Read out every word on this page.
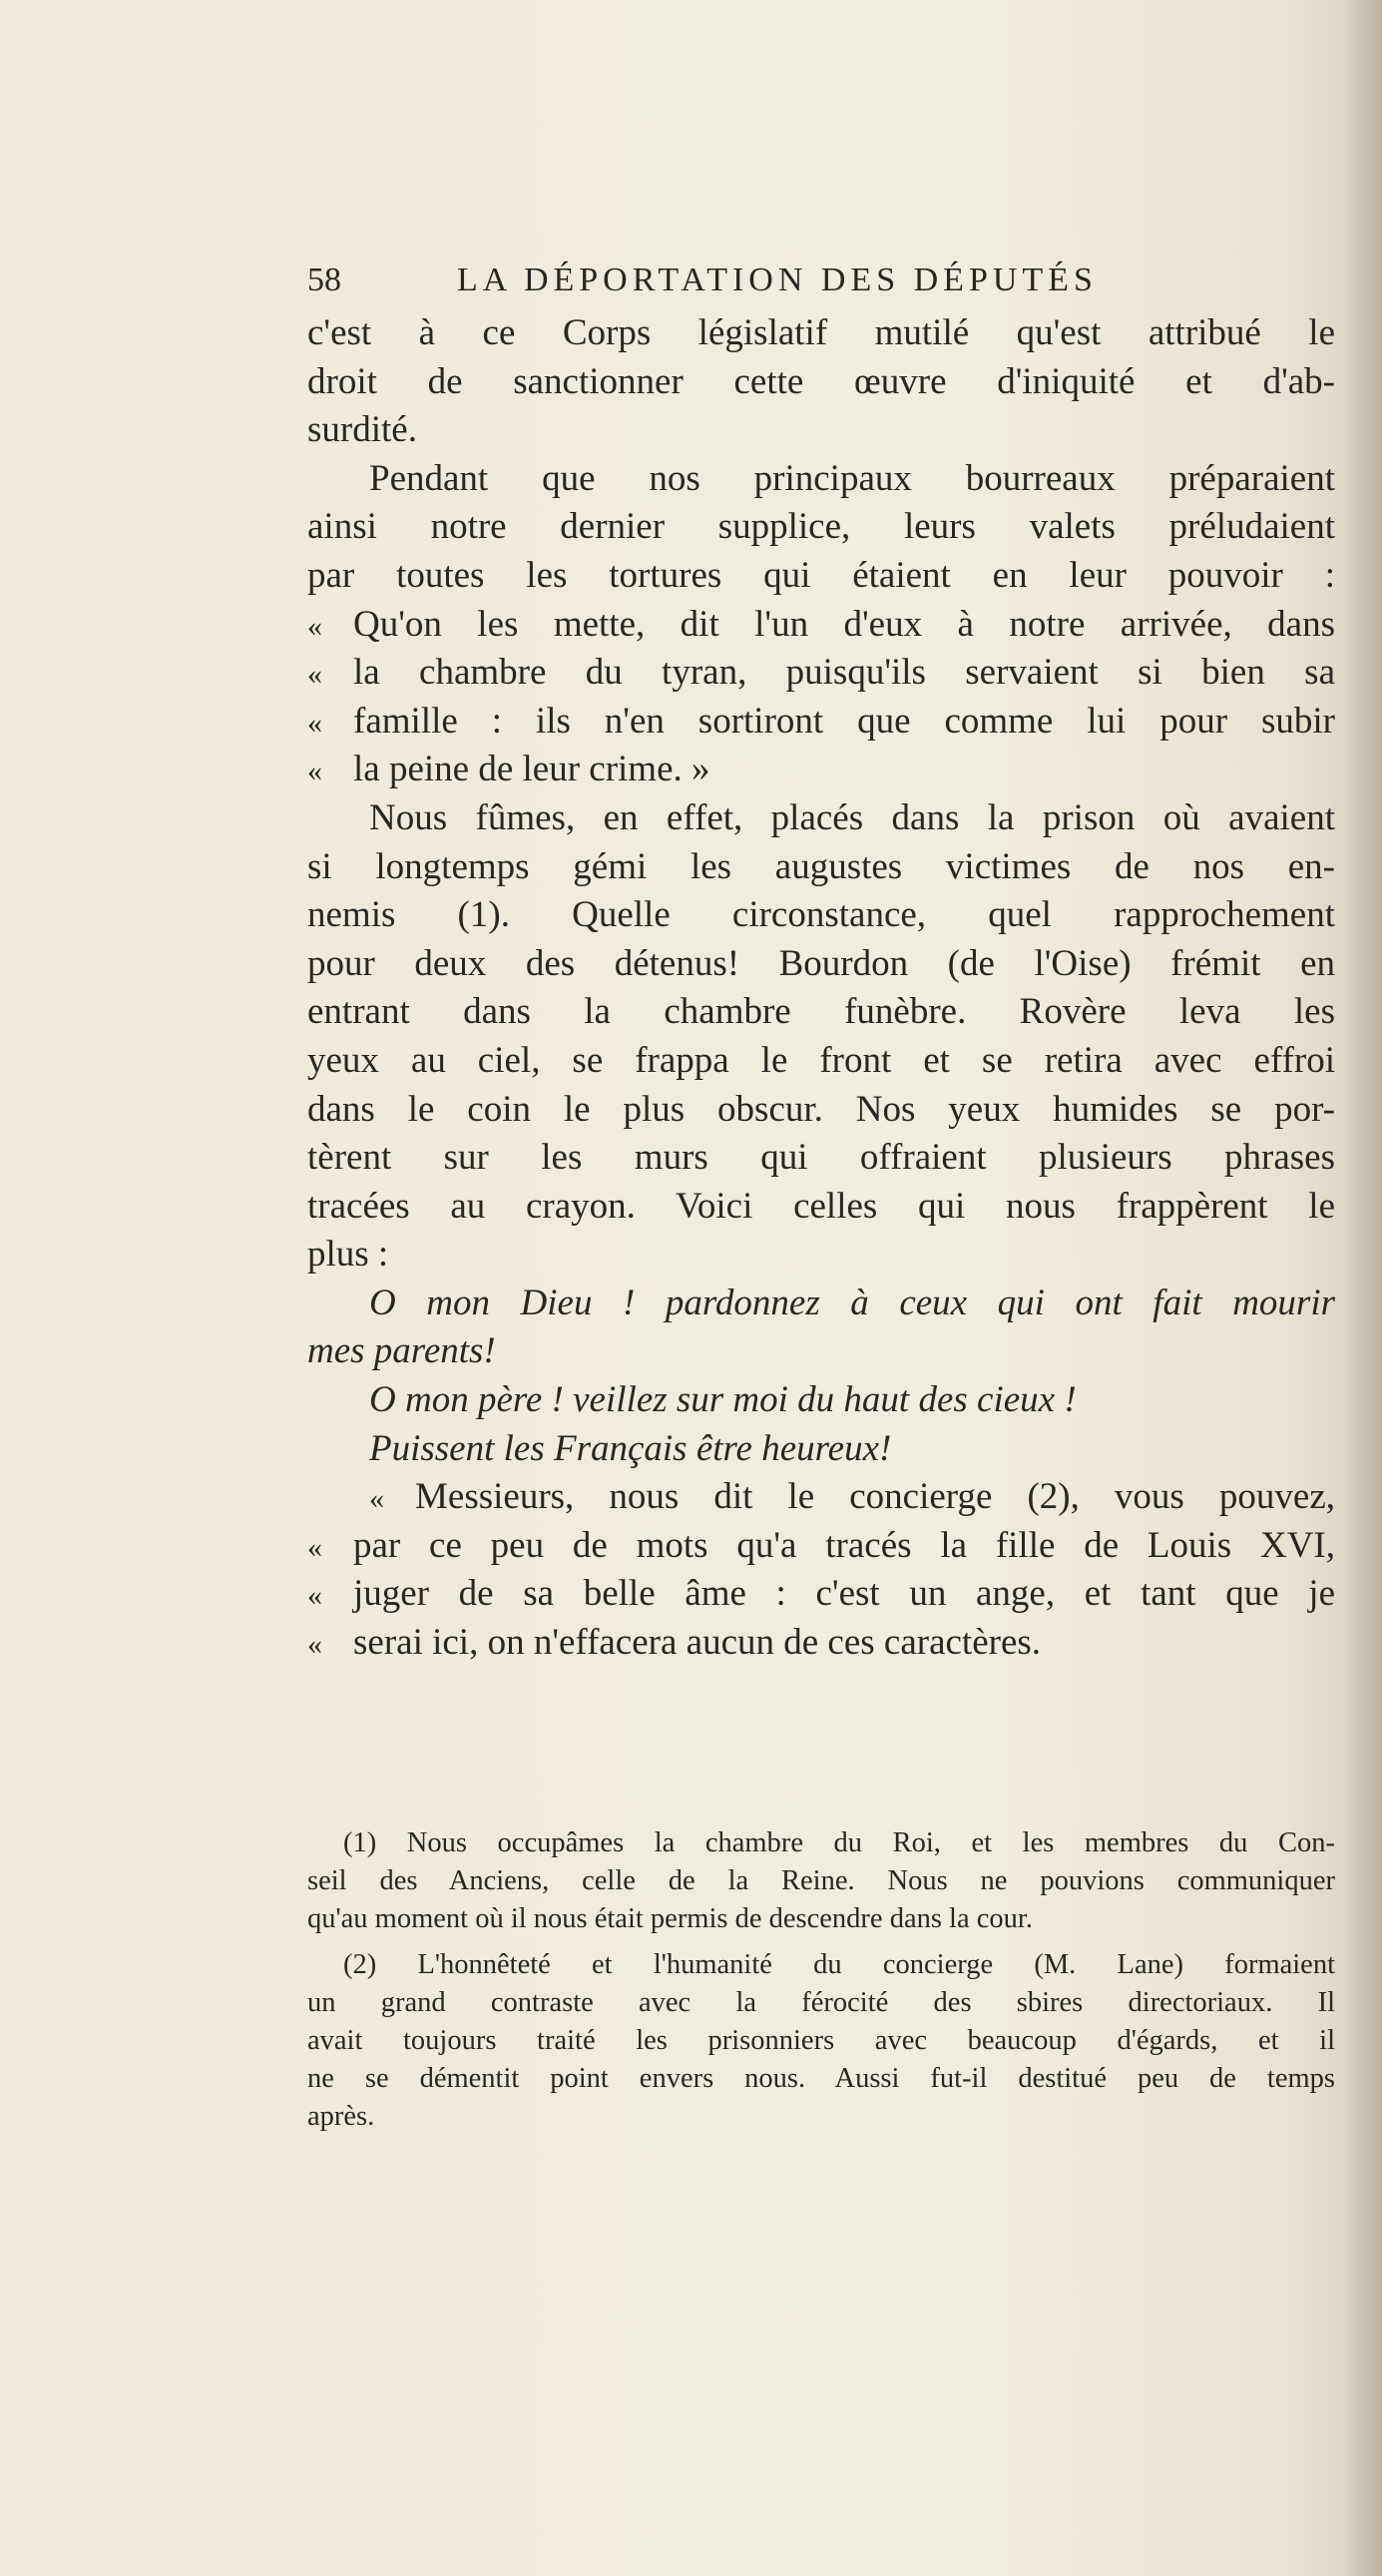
58	LA DÉPORTATION DES DÉPUTÉS
c'est à ce Corps législatif mutilé qu'est attribué le
droit de sanctionner cette œuvre d'iniquité et d'ab-
surdité.
Pendant que nos principaux bourreaux préparaient
ainsi notre dernier supplice, leurs valets préludaient
par toutes les tortures qui étaient en leur pouvoir :
« Qu'on les mette, dit l'un d'eux à notre arrivée, dans
« la chambre du tyran, puisqu'ils servaient si bien sa
« famille : ils n'en sortiront que comme lui pour subir
« la peine de leur crime. »
Nous fûmes, en effet, placés dans la prison où avaient
si longtemps gémi les augustes victimes de nos en-
nemis (1). Quelle circonstance, quel rapprochement
pour deux des détenus! Bourdon (de l'Oise) frémit en
entrant dans la chambre funèbre. Rovère leva les
yeux au ciel, se frappa le front et se retira avec effroi
dans le coin le plus obscur. Nos yeux humides se por-
tèrent sur les murs qui offraient plusieurs phrases
tracées au crayon. Voici celles qui nous frappèrent le
plus :
O mon Dieu ! pardonnez à ceux qui ont fait mourir
mes parents!
O mon père ! veillez sur moi du haut des cieux !
Puissent les Français être heureux!
« Messieurs, nous dit le concierge (2), vous pouvez,
« par ce peu de mots qu'a tracés la fille de Louis XVI,
« juger de sa belle âme : c'est un ange, et tant que je
« serai ici, on n'effacera aucun de ces caractères.
(1) Nous occupâmes la chambre du Roi, et les membres du Con-
seil des Anciens, celle de la Reine. Nous ne pouvions communiquer
qu'au moment où il nous était permis de descendre dans la cour.
(2) L'honnêteté et l'humanité du concierge (M. Lane) formaient
un grand contraste avec la férocité des sbires directoriaux. Il
avait toujours traité les prisonniers avec beaucoup d'égards, et il
ne se démentit point envers nous. Aussi fut-il destitué peu de temps
après.
